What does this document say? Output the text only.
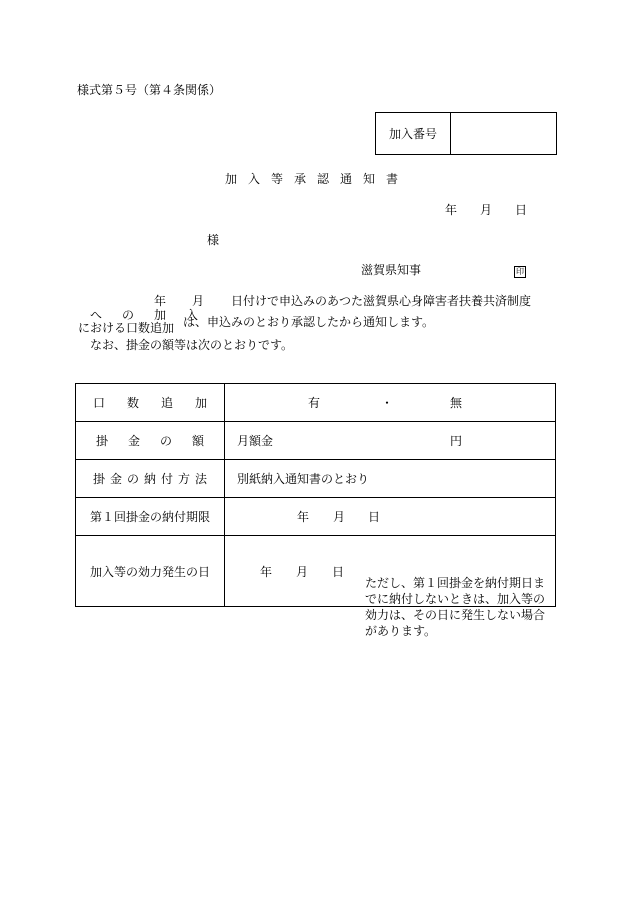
様式第５号（第４条関係）
加入番号
加入等承認通知書
年 月 日
様
滋賀県知事	印
年 月 日付けで申込みのあつた滋賀県心身障害者扶養共済制度
へ　の　加　入
における口数追加 は、申込みのとおり承認したから通知します。
なお、掛金の額等は次のとおりです。
口数追加	有 ・ 無

掛金の額	月額金 円

掛金の納付方法	別紙納入通知書のとおり

第１回掛金の納付期限	年 月 日

加入等の効力発生の日	年 月 日
ただし、第１回掛金を納付期日までに納付しないときは、加入等の効力は、その日に発生しない場合があります。
